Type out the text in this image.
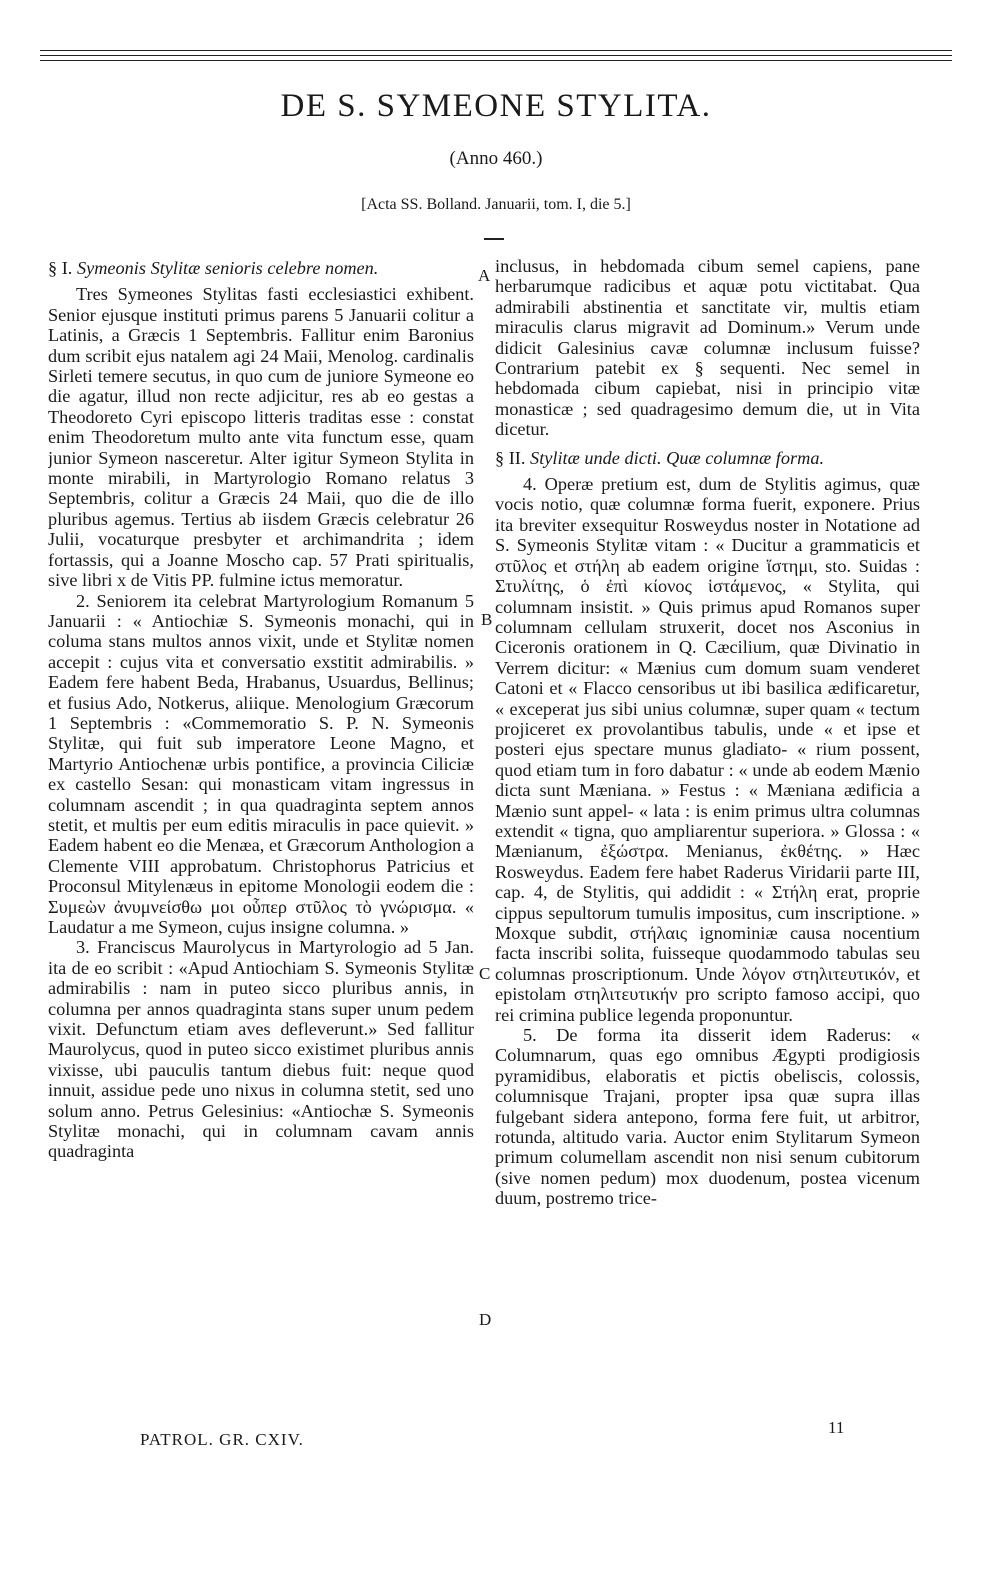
DE S. SYMEONE STYLITA.
(Anno 460.)
[Acta SS. Bolland. Januarii, tom. I, die 5.]

§ I. Symeonis Stylitæ senioris celebre nomen.

Tres Symeones Stylitas fasti ecclesiastici exhibent. Senior ejusque instituti primus parens 5 Januarii colitur a Latinis, a Græcis 1 Septembris. Fallitur enim Baronius dum scribit ejus natalem agi 24 Maii, Menolog. cardinalis Sirleti temere secutus, in quo cum de juniore Symeone eo die agatur, illud non recte adjicitur, res ab eo gestas a Theodoreto Cyri episcopo litteris traditas esse : constat enim Theodoretum multo ante vita functum esse, quam junior Symeon nasceretur. Alter igitur Symeon Stylita in monte mirabili, in Martyrologio Romano relatus 3 Septembris, colitur a Græcis 24 Maii, quo die de illo pluribus agemus. Tertius ab iisdem Græcis celebratur 26 Julii, vocaturque presbyter et archimandrita ; idem fortassis, qui a Joanne Moscho cap. 57 Prati spiritualis, sive libri x de Vitis PP. fulmine ictus memoratur.

2. Seniorem ita celebrat Martyrologium Romanum 5 Januarii : « Antiochiæ S. Symeonis monachi, qui in columa stans multos annos vixit, unde et Stylitæ nomen accepit : cujus vita et conversatio exstitit admirabilis. » Eadem fere habent Beda, Hrabanus, Usuardus, Bellinus; et fusius Ado, Notkerus, aliique. Menologium Græcorum 1 Septembris : «Commemoratio S. P. N. Symeonis Stylitæ, qui fuit sub imperatore Leone Magno, et Martyrio Antiochenæ urbis pontifice, a provincia Ciliciæ ex castello Sesan: qui monasticam vitam ingressus in columnam ascendit ; in qua quadraginta septem annos stetit, et multis per eum editis miraculis in pace quievit. » Eadem habent eo die Menæa, et Græcorum Anthologion a Clemente VIII approbatum. Christophorus Patricius et Proconsul Mitylenæus in epitome Monologii eodem die : Συμεὼν ἀνυμνείσθω μοι οὗπερ στῦλος τὸ γνώρισμα. « Laudatur a me Symeon, cujus insigne columna. »

3. Franciscus Maurolycus in Martyrologio ad 5 Jan. ita de eo scribit : «Apud Antiochiam S. Symeonis Stylitæ admirabilis : nam in puteo sicco pluribus annis, in columna per annos quadraginta stans super unum pedem vixit. Defunctum etiam aves defleverunt.» Sed fallitur Maurolycus, quod in puteo sicco existimet pluribus annis vixisse, ubi pauculis tantum diebus fuit: neque quod innuit, assidue pede uno nixus in columna stetit, sed uno solum anno. Petrus Gelesinius: «Antiochæ S. Symeonis Stylitæ monachi, qui in columnam cavam annis quadraginta

inclusus, in hebdomada cibum semel capiens, pane herbarumque radicibus et aquæ potu victitabat. Qua admirabili abstinentia et sanctitate vir, multis etiam miraculis clarus migravit ad Dominum.» Verum unde didicit Galesinius cavæ columnæ inclusum fuisse? Contrarium patebit ex § sequenti. Nec semel in hebdomada cibum capiebat, nisi in principio vitæ monasticæ ; sed quadragesimo demum die, ut in Vita dicetur.

§ II. Stylitæ unde dicti. Quæ columnæ forma.

4. Operæ pretium est, dum de Stylitis agimus, quæ vocis notio, quæ columnæ forma fuerit, exponere. Prius ita breviter exsequitur Rosweydus noster in Notatione ad S. Symeonis Stylitæ vitam : « Ducitur a grammaticis et στῦλος et στήλη ab eadem origine ἵστημι, sto. Suidas : Στυλίτης, ὁ ἐπὶ κίονος ἱστάμενος, « Stylita, qui columnam insistit. » Quis primus apud Romanos super columnam cellulam struxerit, docet nos Asconius in Ciceronis orationem in Q. Cæcilium, quæ Divinatio in Verrem dicitur: « Mænius cum domum suam venderet Catoni et « Flacco censoribus ut ibi basilica ædificaretur, « exceperat jus sibi unius columnæ, super quam « tectum projiceret ex provolantibus tabulis, unde « et ipse et posteri ejus spectare munus gladiato- « rium possent, quod etiam tum in foro dabatur : « unde ab eodem Mænio dicta sunt Mæniana. » Festus : « Mæniana ædificia a Mænio sunt appel- « lata : is enim primus ultra columnas extendit « tigna, quo ampliarentur superiora. » Glossa : « Mænianum, ἐξώστρα. Menianus, ἐκθέτης. » Hæc Rosweydus. Eadem fere habet Raderus Viridarii parte III, cap. 4, de Stylitis, qui addidit : « Στήλη erat, proprie cippus sepultorum tumulis impositus, cum inscriptione. » Moxque subdit, στήλαις ignominiæ causa nocentium facta inscribi solita, fuisseque quodammodo tabulas seu columnas proscriptionum. Unde λόγον στηλιτευτικόν, et epistolam στηλιτευτικήν pro scripto famoso accipi, quo rei crimina publice legenda proponuntur.

5. De forma ita disserit idem Raderus: « Columnarum, quas ego omnibus Ægypti prodigiosis pyramidibus, elaboratis et pictis obeliscis, colossis, columnisque Trajani, propter ipsa quæ supra illas fulgebant sidera antepono, forma fere fuit, ut arbitror, rotunda, altitudo varia. Auctor enim Stylitarum Symeon primum columellam ascendit non nisi senum cubitorum (sive nomen pedum) mox duodenum, postea vicenum duum, postremo trice-

A
B
C
D
PATROL. GR. CXIV.
11
